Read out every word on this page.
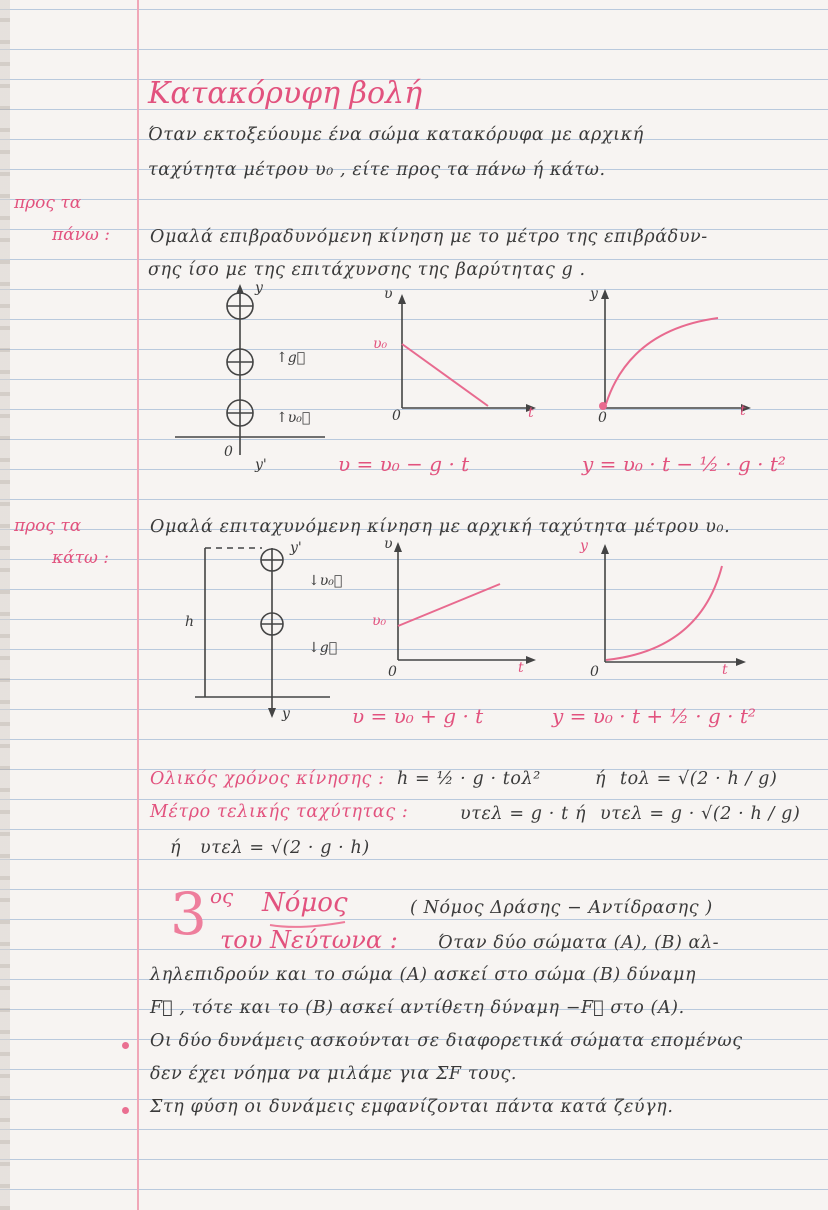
Κατακόρυφη βολή
Όταν εκτοξεύουμε ένα σώμα κατακόρυφα με αρχική
ταχύτητα μέτρου υ₀ , είτε προς τα πάνω ή κάτω.
προς τα
πάνω : Ομαλά επιβραδυνόμενη κίνηση με το μέτρο της επιβράδυν-
σης ίσο με της επιτάχυνσης της βαρύτητας g .
y
↑g⃗
↑υ₀⃗
0
y'
υ
υ₀
0	t
y
0	t
υ = υ₀ − g · t	y = υ₀ · t − ½ · g · t²
προς τα
κάτω :
Ομαλά επιταχυνόμενη κίνηση με αρχική ταχύτητα μέτρου υ₀.
y'
↓υ₀⃗
↓g⃗
h
y
υ
υ₀
0	t
y
0	t
υ = υ₀ + g · t	y = υ₀ · t + ½ · g · t²
Ολικός χρόνος κίνησης : h = ½ · g · tολ²	ή tολ = √(2 · h / g)
Μέτρο τελικής ταχύτητας :	υτελ = g · t ή υτελ = g · √(2 · h / g)
ή υτελ = √(2 · g · h)
3 ος Νόμος	( Νόμος Δράσης − Αντίδρασης )
του Νεύτωνα : Όταν δύο σώματα (A), (B) αλ-
ληλεπιδρούν και το σώμα (A) ασκεί στο σώμα (B) δύναμη
F⃗ , τότε και το (B) ασκεί αντίθετη δύναμη −F⃗ στο (A).
Οι δύο δυνάμεις ασκούνται σε διαφορετικά σώματα επομένως
δεν έχει νόημα να μιλάμε για ΣF τους.
Στη φύση οι δυνάμεις εμφανίζονται πάντα κατά ζεύγη.
